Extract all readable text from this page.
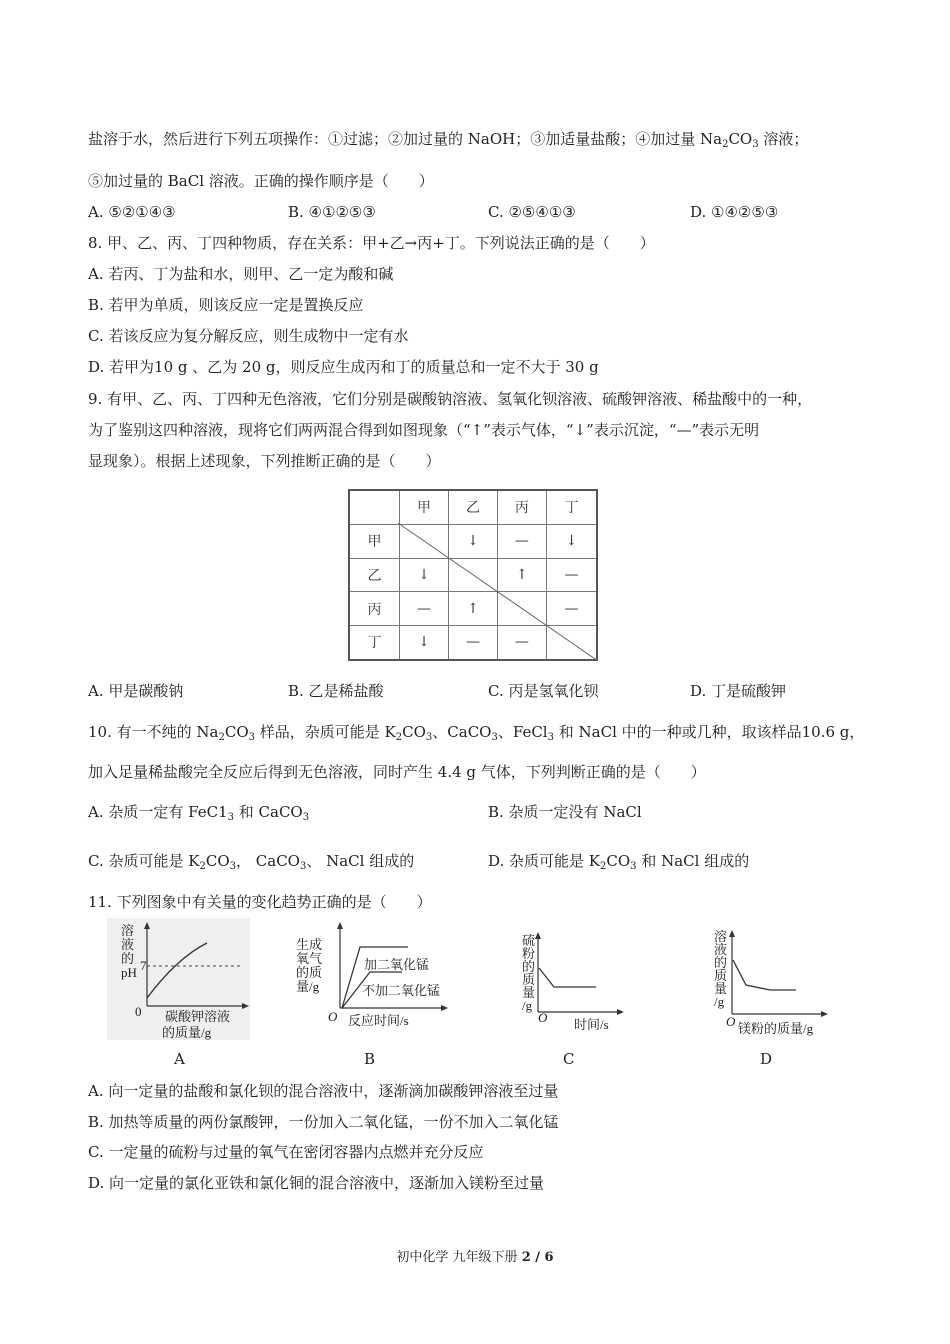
盐溶于水，然后进行下列五项操作：①过滤；②加过量的 NaOH；③加适量盐酸；④加过量 $Na_2CO_3$ 溶液；
⑤加过量的 BaCl 溶液。正确的操作顺序是（　　）
A. ⑤②①④③	B. ④①②⑤③	C. ②⑤④①③	D. ①④②⑤③
8. 甲、乙、丙、丁四种物质，存在关系：甲+乙→丙+丁。下列说法正确的是（　　）
A. 若丙、丁为盐和水，则甲、乙一定为酸和碱
B. 若甲为单质，则该反应一定是置换反应
C. 若该反应为复分解反应，则生成物中一定有水
D. 若甲为10 g 、乙为 20 g，则反应生成丙和丁的质量总和一定不大于 30 g
9. 有甲、乙、丙、丁四种无色溶液，它们分别是碳酸钠溶液、氢氧化钡溶液、硫酸钾溶液、稀盐酸中的一种，
为了鉴别这四种溶液，现将它们两两混合得到如图现象（“↑”表示气体，“↓”表示沉淀，“—”表示无明
显现象）。根据上述现象，下列推断正确的是（　　）
	甲	乙	丙	丁
甲		↓	—	↓
乙	↓		↑	—
丙	—	↑		—
丁	↓	—	—	
A. 甲是碳酸钠	B. 乙是稀盐酸	C. 丙是氢氧化钡	D. 丁是硫酸钾
10. 有一不纯的 $Na_2CO_3$ 样品，杂质可能是 $K_2CO_3$、CaCO$_3$、FeCl$_3$ 和 NaCl 中的一种或几种，取该样品10.6 g，
加入足量稀盐酸完全反应后得到无色溶液，同时产生 4.4 g 气体，下列判断正确的是（　　）
A. 杂质一定有 $FeC1_3$ 和 CaCO$_3$	B. 杂质一定没有 NaCl
C. 杂质可能是 $K_2CO_3$， CaCO$_3$、 NaCl 组成的	D. 杂质可能是 $K_2CO_3$ 和 NaCl 组成的
11. 下列图象中有关量的变化趋势正确的是（　　）
溶
液
的
pH 7
0 碳酸钾溶液
的质量/g
生成
氧气
的质
量/g
加二氧化锰
不加二氧化锰
O 反应时间/s
硫
粉
的
质
量
/g
O 时间/s
溶
液
的
质
量
/g
O 镁粉的质量/g
A	B	C	D
A. 向一定量的盐酸和氯化钡的混合溶液中，逐渐滴加碳酸钾溶液至过量
B. 加热等质量的两份氯酸钾，一份加入二氧化锰，一份不加入二氧化锰
C. 一定量的硫粉与过量的氧气在密闭容器内点燃并充分反应
D. 向一定量的氯化亚铁和氯化铜的混合溶液中，逐渐加入镁粉至过量
初中化学 九年级下册 2 / 6
